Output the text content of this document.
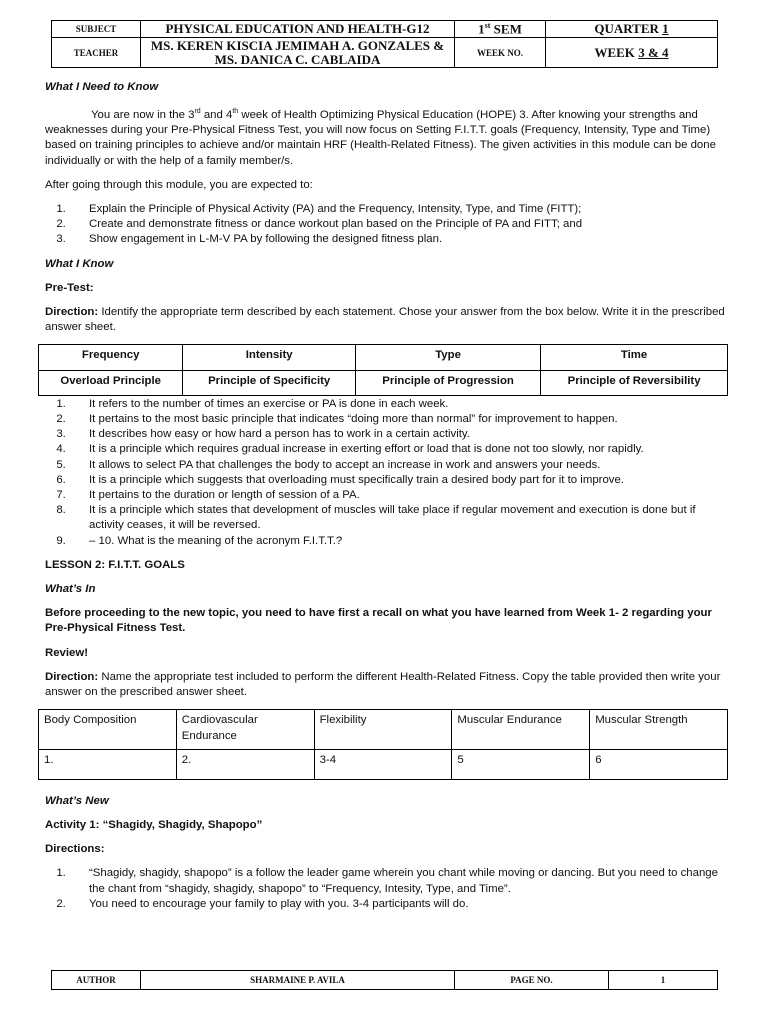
SUBJECT	PHYSICAL EDUCATION AND HEALTH-G12	1st SEM	QUARTER 1
TEACHER	MS. KEREN KISCIA JEMIMAH A. GONZALES &
MS. DANICA C. CABLAIDA	WEEK NO.	WEEK 3 & 4

What I Need to Know

You are now in the 3rd and 4th week of Health Optimizing Physical Education (HOPE) 3. After knowing your strengths and weaknesses during your Pre-Physical Fitness Test, you will now focus on Setting F.I.T.T. goals (Frequency, Intensity, Type and Time) based on training principles to achieve and/or maintain HRF (Health-Related Fitness). The given activities in this module can be done individually or with the help of a family member/s.

After going through this module, you are expected to:

1. Explain the Principle of Physical Activity (PA) and the Frequency, Intensity, Type, and Time (FITT);
2. Create and demonstrate fitness or dance workout plan based on the Principle of PA and FITT; and
3. Show engagement in L-M-V PA by following the designed fitness plan.

What I Know

Pre-Test:

Direction: Identify the appropriate term described by each statement. Chose your answer from the box below. Write it in the prescribed answer sheet.

Frequency	Intensity	Type	Time
Overload Principle	Principle of Specificity	Principle of Progression	Principle of Reversibility
1. It refers to the number of times an exercise or PA is done in each week.
2. It pertains to the most basic principle that indicates “doing more than normal” for improvement to happen.
3. It describes how easy or how hard a person has to work in a certain activity.
4. It is a principle which requires gradual increase in exerting effort or load that is done not too slowly, nor rapidly.
5. It allows to select PA that challenges the body to accept an increase in work and answers your needs.
6. It is a principle which suggests that overloading must specifically train a desired body part for it to improve.
7. It pertains to the duration or length of session of a PA.
8. It is a principle which states that development of muscles will take place if regular movement and execution is done but if activity ceases, it will be reversed.
9. – 10. What is the meaning of the acronym F.I.T.T.?

LESSON 2: F.I.T.T. GOALS

What’s In

Before proceeding to the new topic, you need to have first a recall on what you have learned from Week 1- 2 regarding your Pre-Physical Fitness Test.

Review!

Direction: Name the appropriate test included to perform the different Health-Related Fitness. Copy the table provided then write your answer on the prescribed answer sheet.

Body Composition	Cardiovascular Endurance	Flexibility	Muscular Endurance	Muscular Strength
1.	2.	3-4	5	6

What’s New

Activity 1: “Shagidy, Shagidy, Shapopo”

Directions:

1. “Shagidy, shagidy, shapopo” is a follow the leader game wherein you chant while moving or dancing. But you need to change the chant from “shagidy, shagidy, shapopo” to “Frequency, Intesity, Type, and Time”.
2. You need to encourage your family to play with you. 3-4 participants will do.
AUTHOR	SHARMAINE P. AVILA	PAGE NO.	1
